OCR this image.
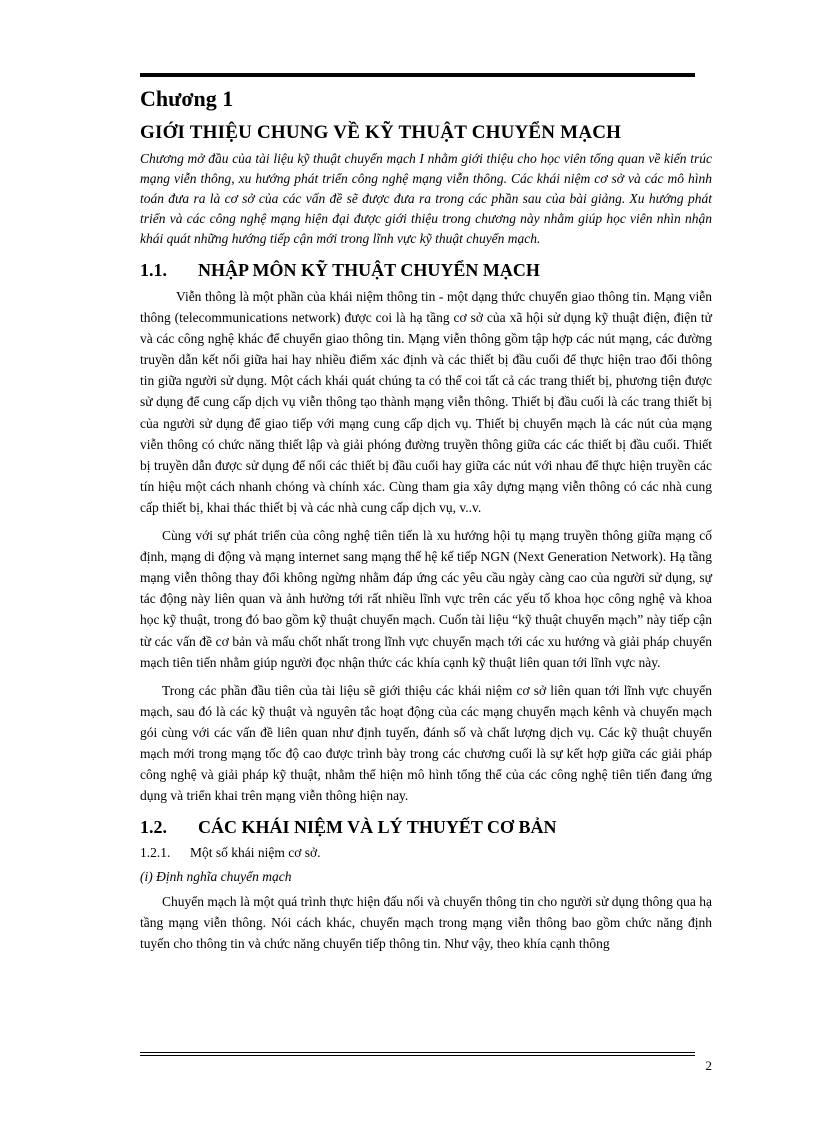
Chương 1
GIỚI THIỆU CHUNG VỀ KỸ THUẬT CHUYỂN MẠCH

Chương mở đầu của tài liệu kỹ thuật chuyển mạch I nhằm giới thiệu cho học viên tổng quan về kiến trúc mạng viễn thông, xu hướng phát triển công nghệ mạng viễn thông. Các khái niệm cơ sở và các mô hình toán đưa ra là cơ sở của các vấn đề sẽ được đưa ra trong các phần sau của bài giảng. Xu hướng phát triển và các công nghệ mạng hiện đại được giới thiệu trong chương này nhằm giúp học viên nhìn nhận khái quát những hướng tiếp cận mới trong lĩnh vực kỹ thuật chuyển mạch.

1.1. NHẬP MÔN KỸ THUẬT CHUYỂN MẠCH

Viễn thông là một phần của khái niệm thông tin - một dạng thức chuyển giao thông tin. Mạng viễn thông (telecommunications network) được coi là hạ tầng cơ sở của xã hội sử dụng kỹ thuật điện, điện tử và các công nghệ khác để chuyển giao thông tin. Mạng viễn thông gồm tập hợp các nút mạng, các đường truyền dẫn kết nối giữa hai hay nhiều điểm xác định và các thiết bị đầu cuối để thực hiện trao đổi thông tin giữa người sử dụng. Một cách khái quát chúng ta có thể coi tất cả các trang thiết bị, phương tiện được sử dụng để cung cấp dịch vụ viễn thông tạo thành mạng viễn thông. Thiết bị đầu cuối là các trang thiết bị của người sử dụng để giao tiếp với mạng cung cấp dịch vụ. Thiết bị chuyển mạch là các nút của mạng viễn thông có chức năng thiết lập và giải phóng đường truyền thông giữa các các thiết bị đầu cuối. Thiết bị truyền dẫn được sử dụng để nối các thiết bị đầu cuối hay giữa các nút với nhau để thực hiện truyền các tín hiệu một cách nhanh chóng và chính xác. Cùng tham gia xây dựng mạng viễn thông có các nhà cung cấp thiết bị, khai thác thiết bị và các nhà cung cấp dịch vụ, v..v.

Cùng với sự phát triển của công nghệ tiên tiến là xu hướng hội tụ mạng truyền thông giữa mạng cố định, mạng di động và mạng internet sang mạng thế hệ kế tiếp NGN (Next Generation Network). Hạ tầng mạng viễn thông thay đổi không ngừng nhằm đáp ứng các yêu cầu ngày càng cao của người sử dụng, sự tác động này liên quan và ảnh hưởng tới rất nhiều lĩnh vực trên các yếu tố khoa học công nghệ và khoa học kỹ thuật, trong đó bao gồm kỹ thuật chuyển mạch. Cuốn tài liệu “kỹ thuật chuyển mạch” này tiếp cận từ các vấn đề cơ bản và mấu chốt nhất trong lĩnh vực chuyển mạch tới các xu hướng và giải pháp chuyển mạch tiên tiến nhằm giúp người đọc nhận thức các khía cạnh kỹ thuật liên quan tới lĩnh vực này.

Trong các phần đầu tiên của tài liệu sẽ giới thiệu các khái niệm cơ sở liên quan tới lĩnh vực chuyển mạch, sau đó là các kỹ thuật và nguyên tắc hoạt động của các mạng chuyển mạch kênh và chuyển mạch gói cùng với các vấn đề liên quan như định tuyến, đánh số và chất lượng dịch vụ. Các kỹ thuật chuyển mạch mới trong mạng tốc độ cao được trình bày trong các chương cuối là sự kết hợp giữa các giải pháp công nghệ và giải pháp kỹ thuật, nhằm thể hiện mô hình tổng thể của các công nghệ tiên tiến đang ứng dụng và triển khai trên mạng viễn thông hiện nay.

1.2. CÁC KHÁI NIỆM VÀ LÝ THUYẾT CƠ BẢN

1.2.1. Một số khái niệm cơ sở.

(i) Định nghĩa chuyển mạch

Chuyển mạch là một quá trình thực hiện đấu nối và chuyển thông tin cho người sử dụng thông qua hạ tầng mạng viễn thông. Nói cách khác, chuyển mạch trong mạng viễn thông bao gồm chức năng định tuyến cho thông tin và chức năng chuyển tiếp thông tin. Như vậy, theo khía cạnh thông

2
